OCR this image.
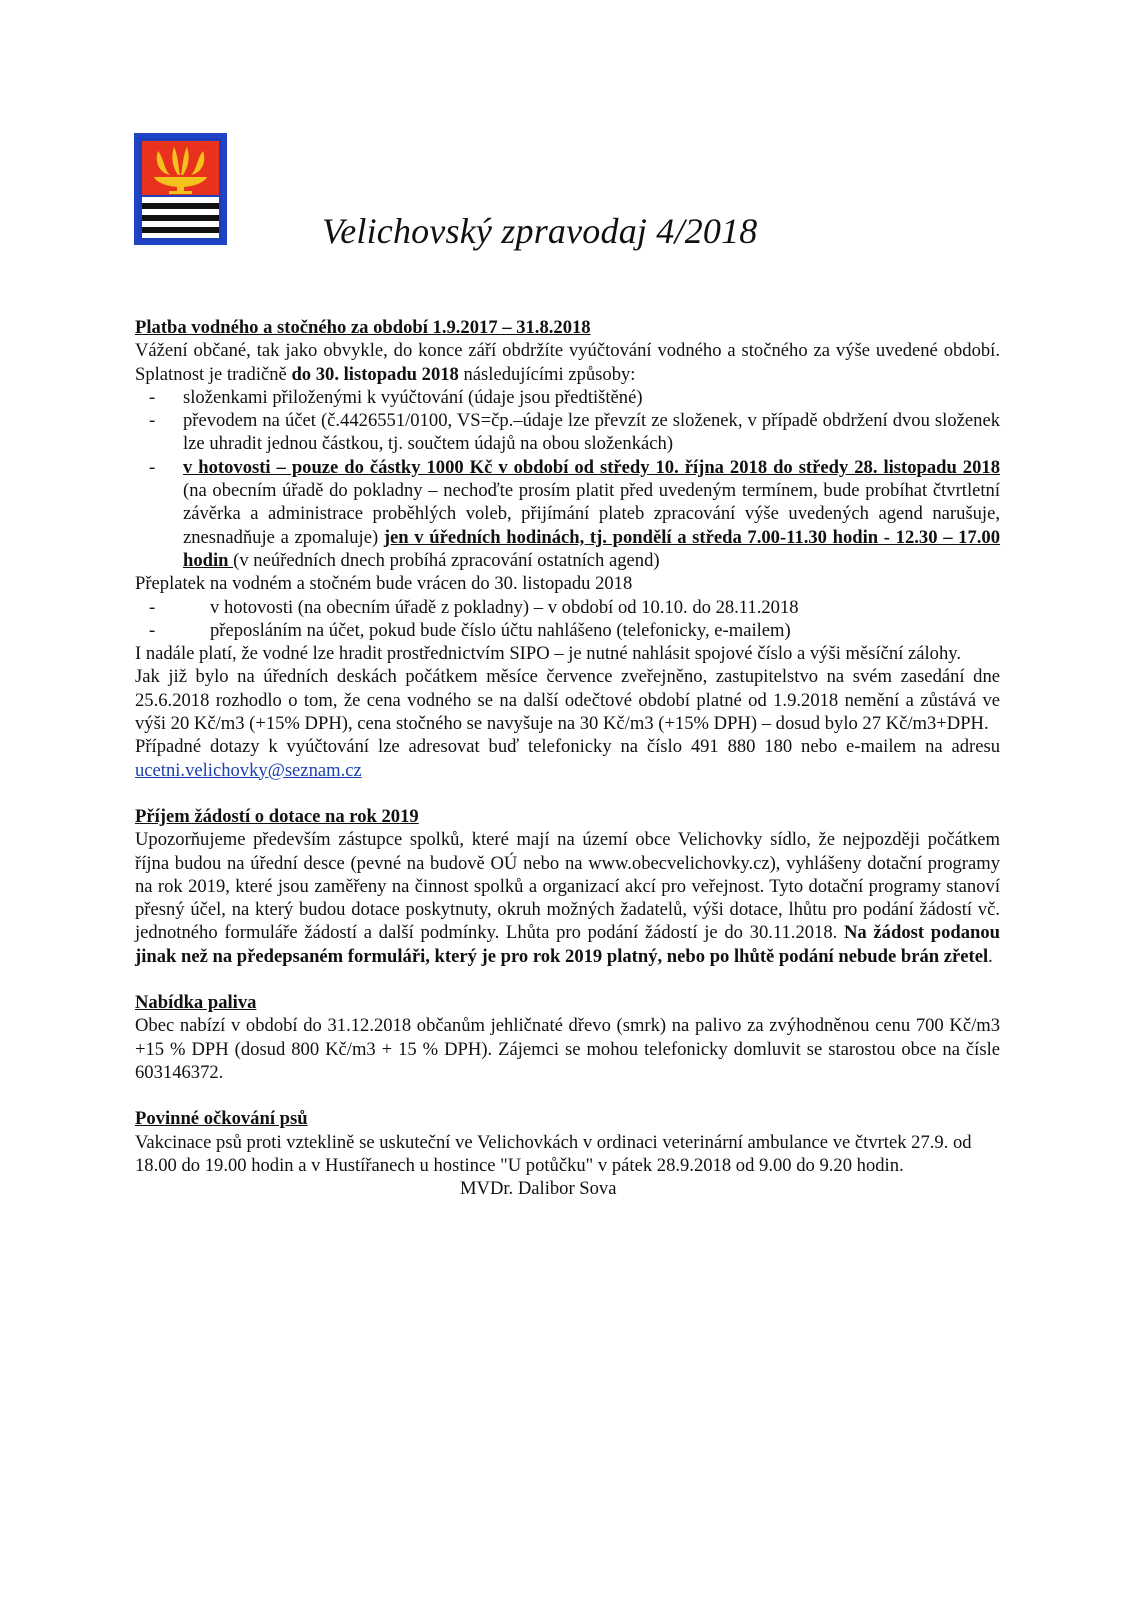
Velichovský zpravodaj 4/2018

Platba vodného a stočného za období 1.9.2017 – 31.8.2018

Vážení občané, tak jako obvykle, do konce září obdržíte vyúčtování vodného a stočného za výše uvedené období. Splatnost je tradičně do 30. listopadu 2018 následujícími způsoby:

- složenkami přiloženými k vyúčtování (údaje jsou předtištěné)
- převodem na účet (č.4426551/0100, VS=čp.–údaje lze převzít ze složenek, v případě obdržení dvou složenek lze uhradit jednou částkou, tj. součtem údajů na obou složenkách)
- v hotovosti – pouze do částky 1000 Kč v období od středy 10. října 2018 do středy 28. listopadu 2018 (na obecním úřadě do pokladny – nechoďte prosím platit před uvedeným termínem, bude probíhat čtvrtletní závěrka a administrace proběhlých voleb, přijímání plateb zpracování výše uvedených agend narušuje, znesnadňuje a zpomaluje) jen v úředních hodinách, tj. pondělí a středa 7.00-11.30 hodin - 12.30 – 17.00 hodin (v neúředních dnech probíhá zpracování ostatních agend)

Přeplatek na vodném a stočném bude vrácen do 30. listopadu 2018

- v hotovosti (na obecním úřadě z pokladny) – v období od 10.10. do 28.11.2018
- přeposláním na účet, pokud bude číslo účtu nahlášeno (telefonicky, e-mailem)

I nadále platí, že vodné lze hradit prostřednictvím SIPO – je nutné nahlásit spojové číslo a výši měsíční zálohy.

Jak již bylo na úředních deskách počátkem měsíce července zveřejněno, zastupitelstvo na svém zasedání dne 25.6.2018 rozhodlo o tom, že cena vodného se na další odečtové období platné od 1.9.2018 nemění a zůstává ve výši 20 Kč/m3 (+15% DPH), cena stočného se navyšuje na 30 Kč/m3 (+15% DPH) – dosud bylo 27 Kč/m3+DPH.

Případné dotazy k vyúčtování lze adresovat buď telefonicky na číslo 491 880 180 nebo e-mailem na adresu ucetni.velichovky@seznam.cz

Příjem žádostí o dotace na rok 2019

Upozorňujeme především zástupce spolků, které mají na území obce Velichovky sídlo, že nejpozději počátkem října budou na úřední desce (pevné na budově OÚ nebo na www.obecvelichovky.cz), vyhlášeny dotační programy na rok 2019, které jsou zaměřeny na činnost spolků a organizací akcí pro veřejnost. Tyto dotační programy stanoví přesný účel, na který budou dotace poskytnuty, okruh možných žadatelů, výši dotace, lhůtu pro podání žádostí vč. jednotného formuláře žádostí a další podmínky. Lhůta pro podání žádostí je do 30.11.2018. Na žádost podanou jinak než na předepsaném formuláři, který je pro rok 2019 platný, nebo po lhůtě podání nebude brán zřetel.

Nabídka paliva

Obec nabízí v období do 31.12.2018 občanům jehličnaté dřevo (smrk) na palivo za zvýhodněnou cenu 700 Kč/m3 +15 % DPH (dosud 800 Kč/m3 + 15 % DPH). Zájemci se mohou telefonicky domluvit se starostou obce na čísle 603146372.

Povinné očkování psů

Vakcinace psů proti vzteklině se uskuteční ve Velichovkách v ordinaci veterinární ambulance ve čtvrtek 27.9. od 18.00 do 19.00 hodin a v Hustířanech u hostince "U potůčku" v pátek 28.9.2018 od 9.00 do 9.20 hodin.MVDr. Dalibor Sova
